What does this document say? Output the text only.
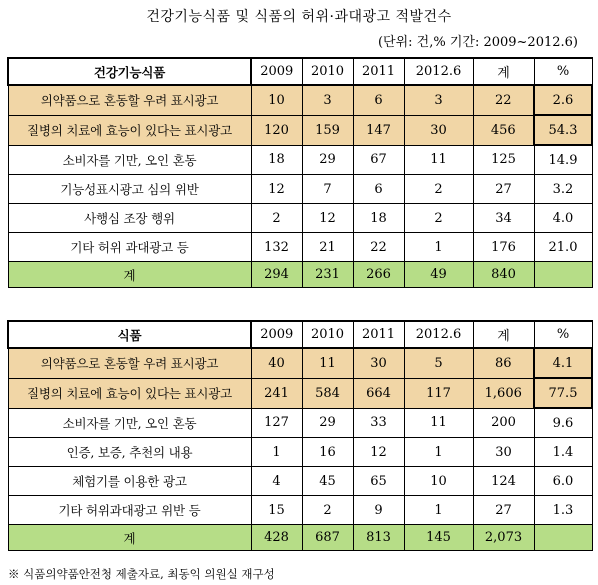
건강기능식품 및 식품의 허위·과대광고 적발건수
(단위: 건,% 기간: 2009~2012.6)
건강기능식품	2009	2010	2011	2012.6	계	%
의약품으로 혼동할 우려 표시광고	10	3	6	3	22	2.6
질병의 치료에 효능이 있다는 표시광고	120	159	147	30	456	54.3
소비자를 기만, 오인 혼동	18	29	67	11	125	14.9
기능성표시광고 심의 위반	12	7	6	2	27	3.2
사행심 조장 행위	2	12	18	2	34	4.0
기타 허위 과대광고 등	132	21	22	1	176	21.0
계	294	231	266	49	840	
식품	2009	2010	2011	2012.6	계	%
의약품으로 혼동할 우려 표시광고	40	11	30	5	86	4.1
질병의 치료에 효능이 있다는 표시광고	241	584	664	117	1,606	77.5
소비자를 기만, 오인 혼동	127	29	33	11	200	9.6
인증, 보증, 추천의 내용	1	16	12	1	30	1.4
체험기를 이용한 광고	4	45	65	10	124	6.0
기타 허위과대광고 위반 등	15	2	9	1	27	1.3
계	428	687	813	145	2,073	
※ 식품의약품안전청 제출자료, 최동익 의원실 재구성
